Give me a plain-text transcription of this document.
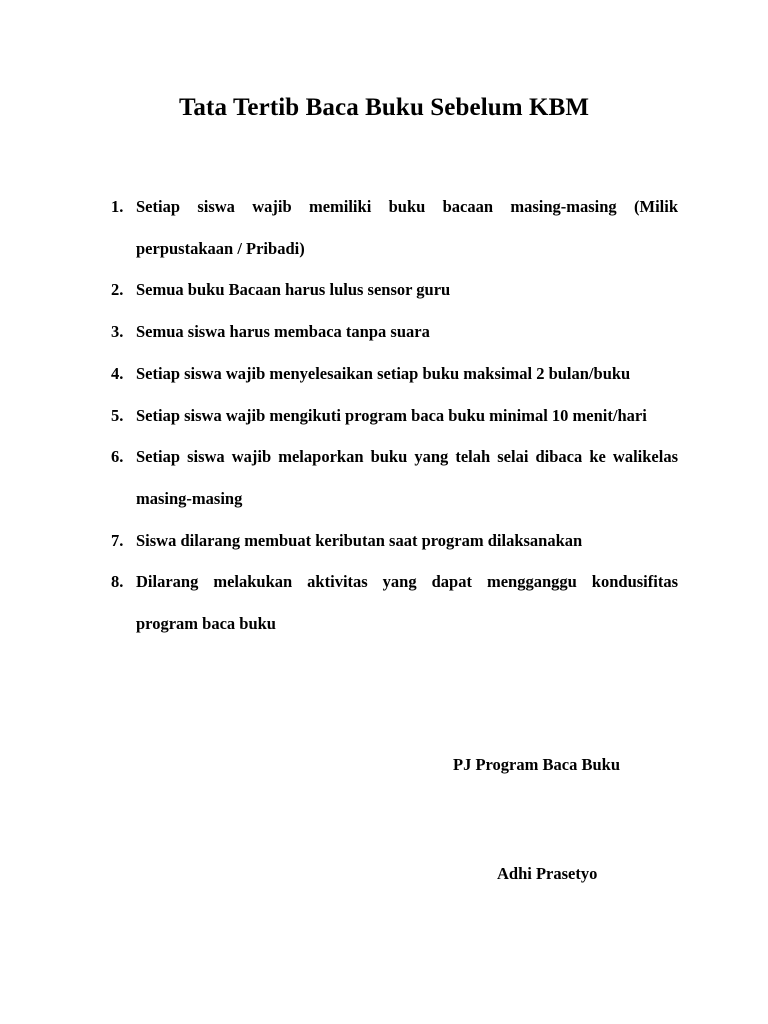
Tata Tertib Baca Buku Sebelum KBM
1. Setiap siswa wajib memiliki buku bacaan masing-masing (Milik perpustakaan / Pribadi)
2. Semua buku Bacaan harus lulus sensor guru
3. Semua siswa harus membaca tanpa suara
4. Setiap siswa wajib menyelesaikan setiap buku maksimal 2 bulan/buku
5. Setiap siswa wajib mengikuti program baca buku minimal 10 menit/hari
6. Setiap siswa wajib melaporkan buku yang telah selai dibaca ke walikelas masing-masing
7. Siswa dilarang membuat keributan saat program dilaksanakan
8. Dilarang melakukan aktivitas yang dapat mengganggu kondusifitas program baca buku
PJ Program Baca Buku
Adhi Prasetyo
